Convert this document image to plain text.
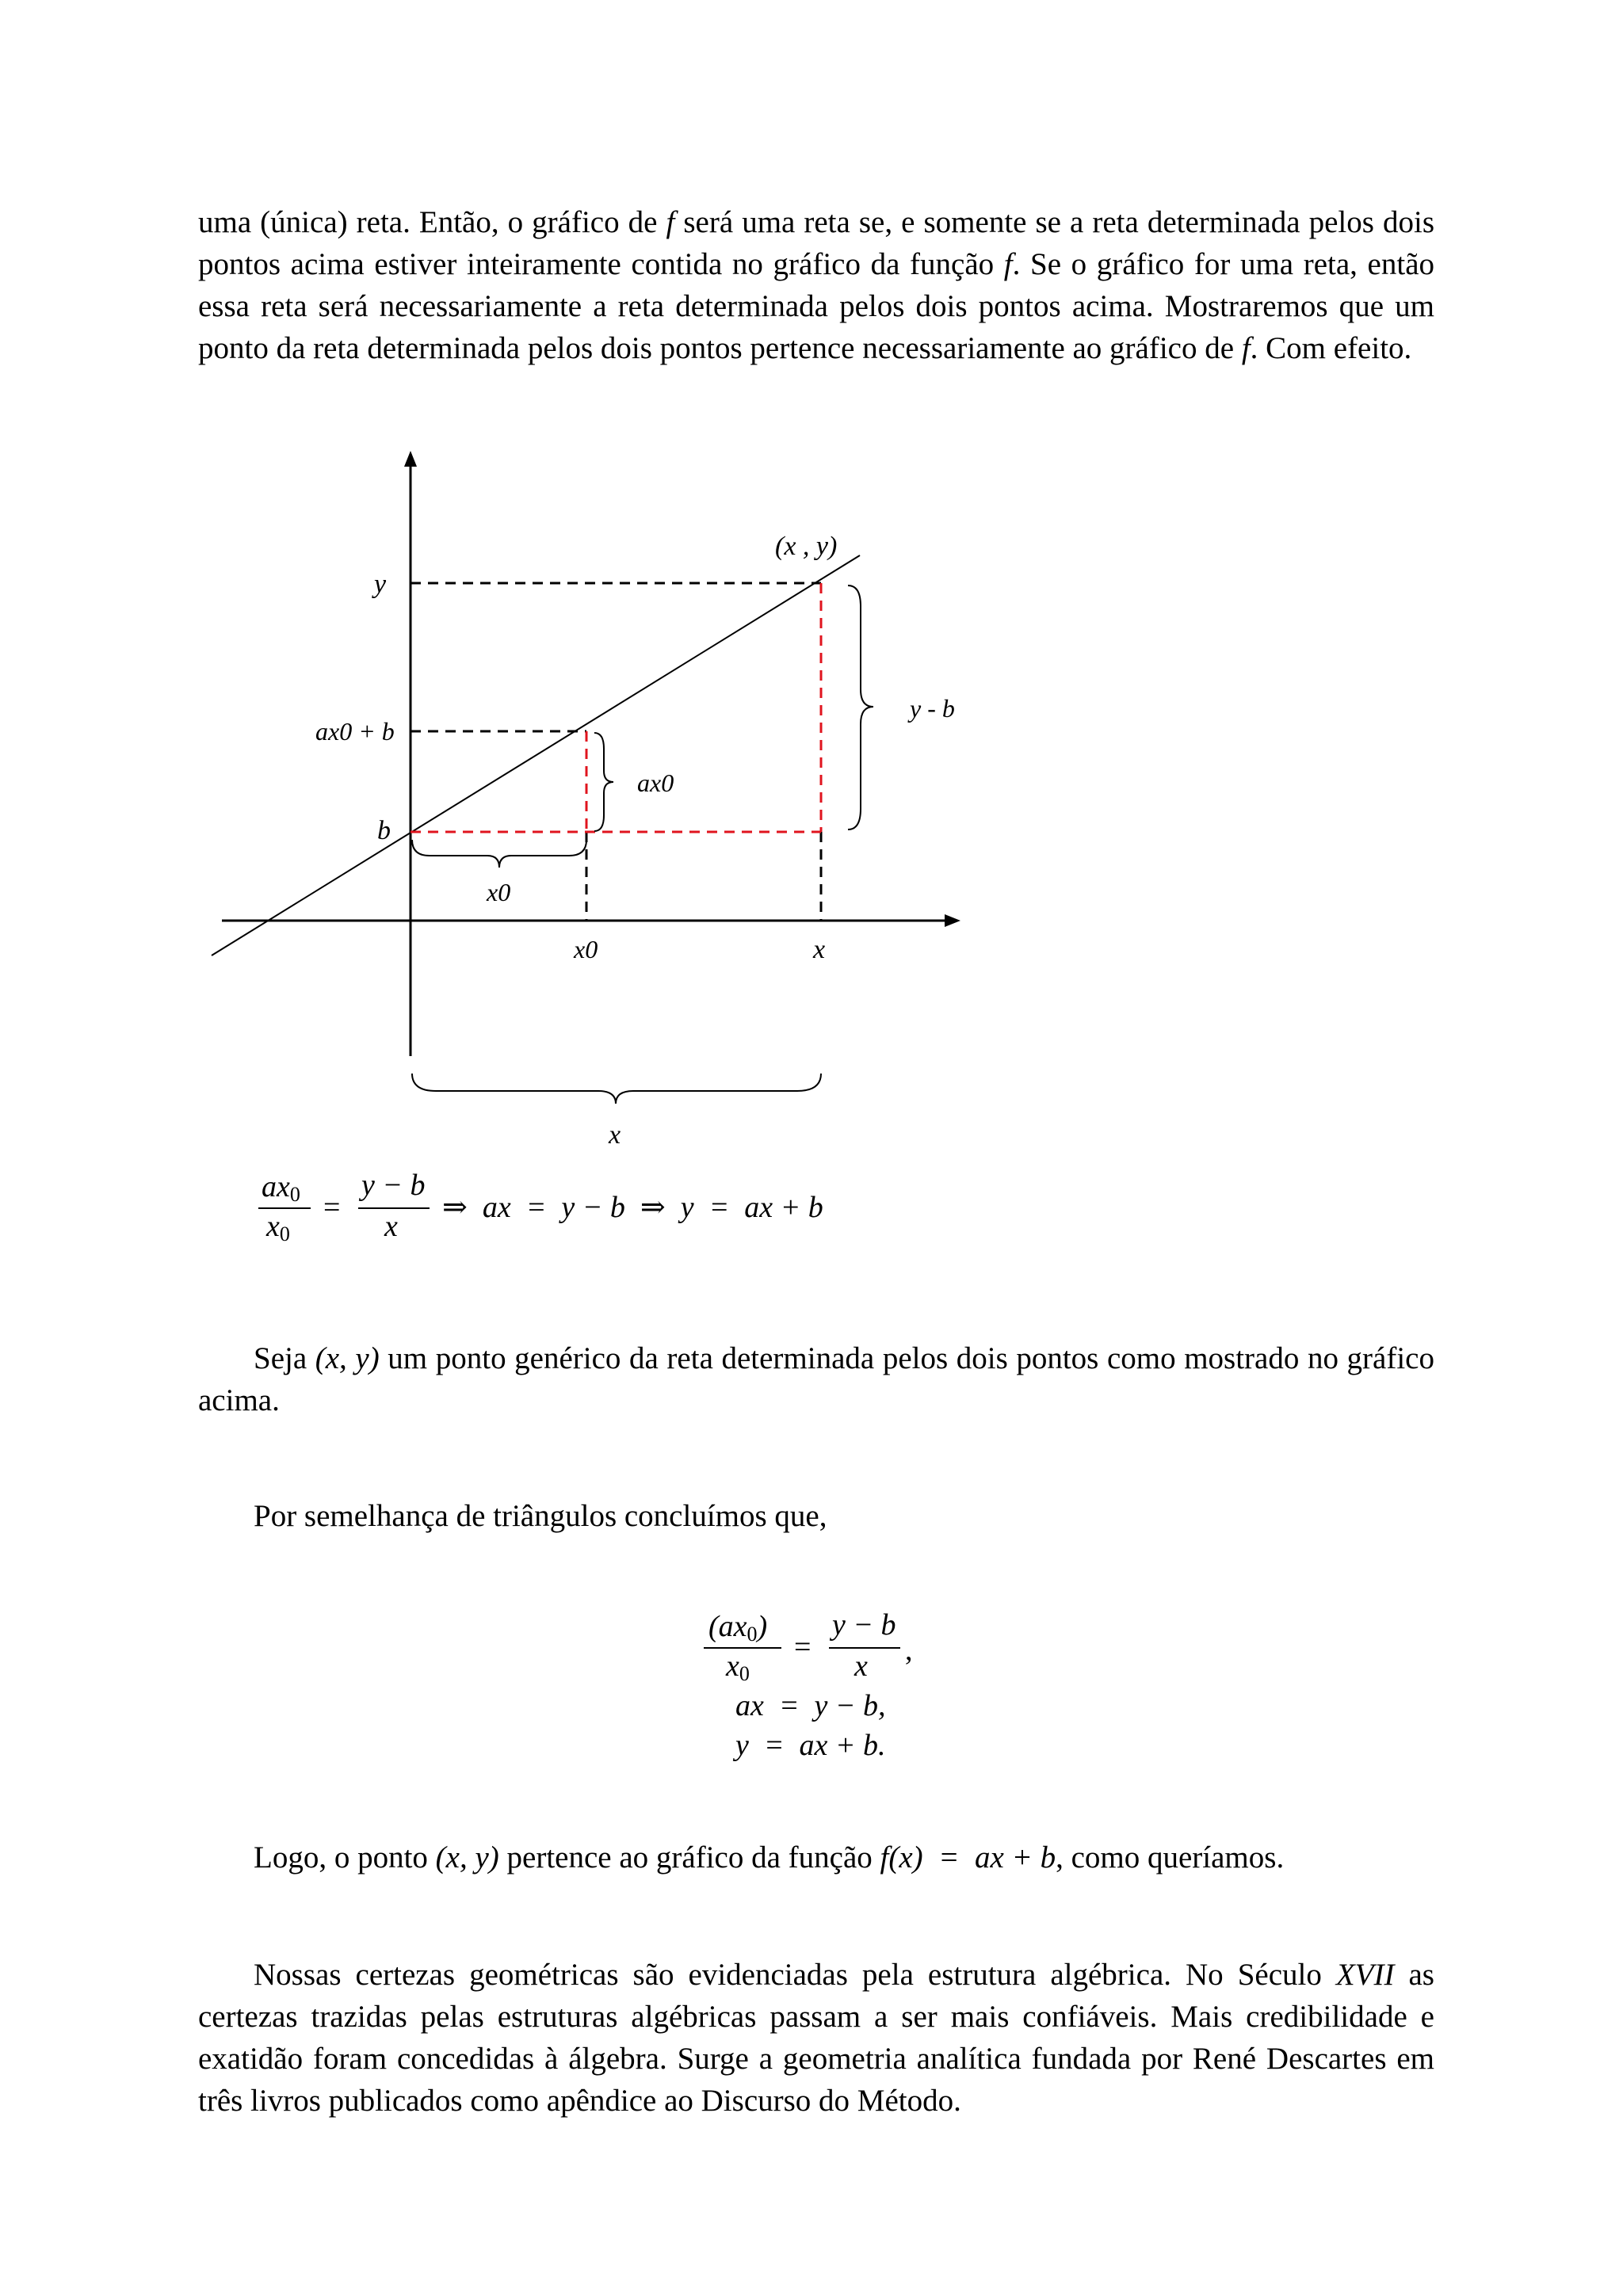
uma (única) reta. Então, o gráfico de f será uma reta se, e somente se a reta determinada pelos dois pontos acima estiver inteiramente contida no gráfico da função f. Se o gráfico for uma reta, então essa reta será necessariamente a reta determinada pelos dois pontos acima. Mostraremos que um ponto da reta determinada pelos dois pontos pertence necessariamente ao gráfico de f. Com efeito.

(x , y)
y
ax0 + b
b
ax0
y - b
x0
x0	x
x
ax0
x0
=
y − b
x
⇒  ax  =  y − b  ⇒  y  =  ax + b

Seja (x, y) um ponto genérico da reta determinada pelos dois pontos como mostrado no gráfico acima.

Por semelhança de triângulos concluímos que,

(ax0)
x0
=
y − b
x ,
ax  =  y − b,
y  =  ax + b.

Logo, o ponto (x, y) pertence ao gráfico da função f(x)  =  ax + b, como queríamos.

Nossas certezas geométricas são evidenciadas pela estrutura algébrica. No Século XVII as certezas trazidas pelas estruturas algébricas passam a ser mais confiáveis. Mais credibilidade e exatidão foram concedidas à álgebra. Surge a geometria analítica fundada por René Descartes em três livros publicados como apêndice ao Discurso do Método.
